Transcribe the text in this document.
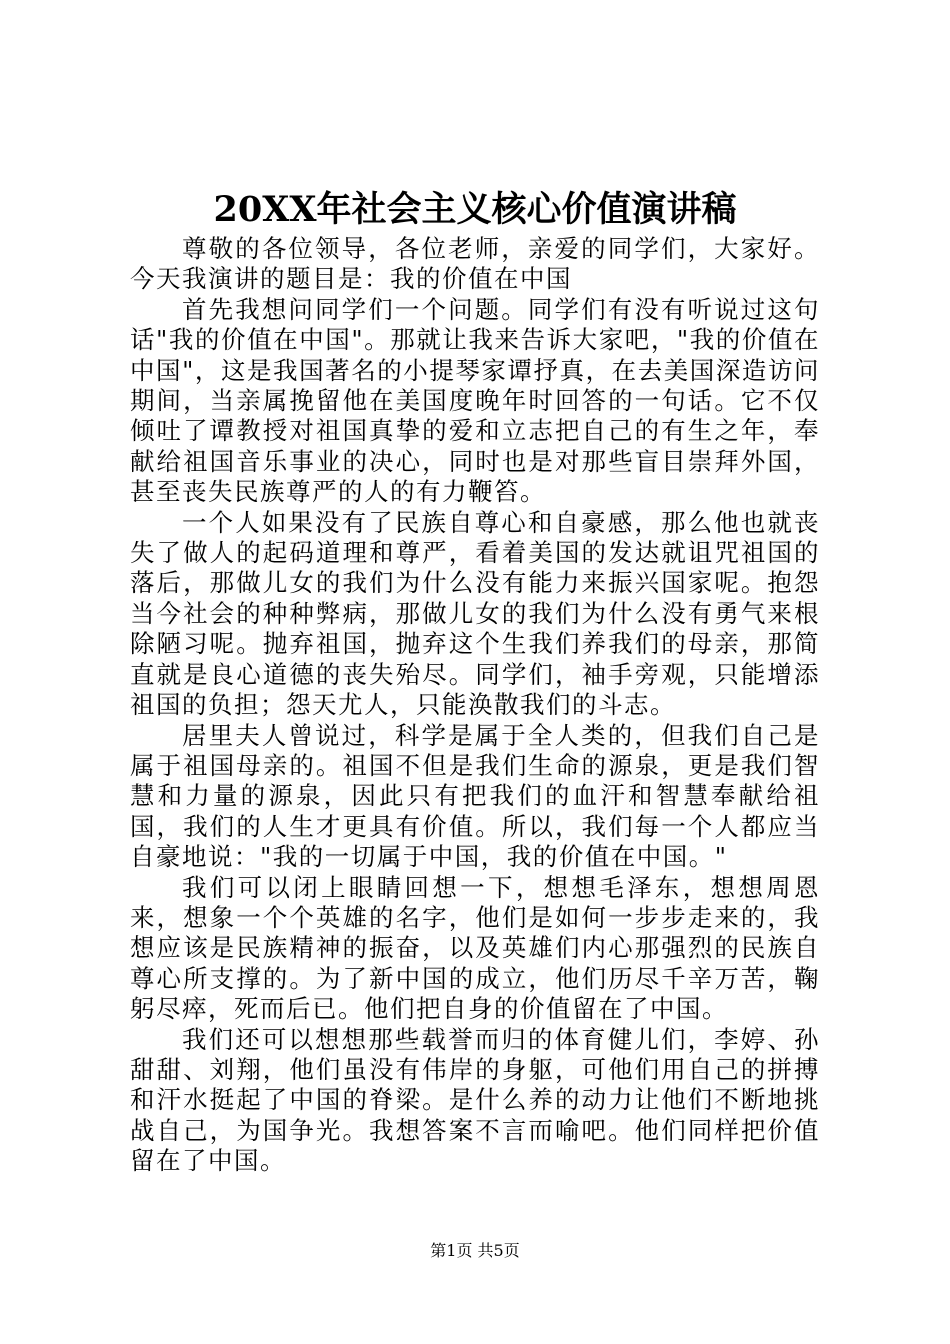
20XX年社会主义核心价值演讲稿

尊敬的各位领导，各位老师，亲爱的同学们，大家好。今天我演讲的题目是：我的价值在中国

首先我想问同学们一个问题。同学们有没有听说过这句话"我的价值在中国"。那就让我来告诉大家吧，"我的价值在中国"，这是我国著名的小提琴家谭抒真，在去美国深造访问期间，当亲属挽留他在美国度晚年时回答的一句话。它不仅倾吐了谭教授对祖国真挚的爱和立志把自己的有生之年，奉献给祖国音乐事业的决心，同时也是对那些盲目崇拜外国，甚至丧失民族尊严的人的有力鞭笞。

一个人如果没有了民族自尊心和自豪感，那么他也就丧失了做人的起码道理和尊严，看着美国的发达就诅咒祖国的落后，那做儿女的我们为什么没有能力来振兴国家呢。抱怨当今社会的种种弊病，那做儿女的我们为什么没有勇气来根除陋习呢。抛弃祖国，抛弃这个生我们养我们的母亲，那简直就是良心道德的丧失殆尽。同学们，袖手旁观，只能增添祖国的负担；怨天尤人，只能涣散我们的斗志。

居里夫人曾说过，科学是属于全人类的，但我们自己是属于祖国母亲的。祖国不但是我们生命的源泉，更是我们智慧和力量的源泉，因此只有把我们的血汗和智慧奉献给祖国，我们的人生才更具有价值。所以，我们每一个人都应当自豪地说："我的一切属于中国，我的价值在中国。"

我们可以闭上眼睛回想一下，想想毛泽东，想想周恩来，想象一个个英雄的名字，他们是如何一步步走来的，我想应该是民族精神的振奋，以及英雄们内心那强烈的民族自尊心所支撑的。为了新中国的成立，他们历尽千辛万苦，鞠躬尽瘁，死而后已。他们把自身的价值留在了中国。

我们还可以想想那些载誉而归的体育健儿们，李婷、孙甜甜、刘翔，他们虽没有伟岸的身躯，可他们用自己的拼搏和汗水挺起了中国的脊梁。是什么养的动力让他们不断地挑战自己，为国争光。我想答案不言而喻吧。他们同样把价值留在了中国。

第1页 共5页
